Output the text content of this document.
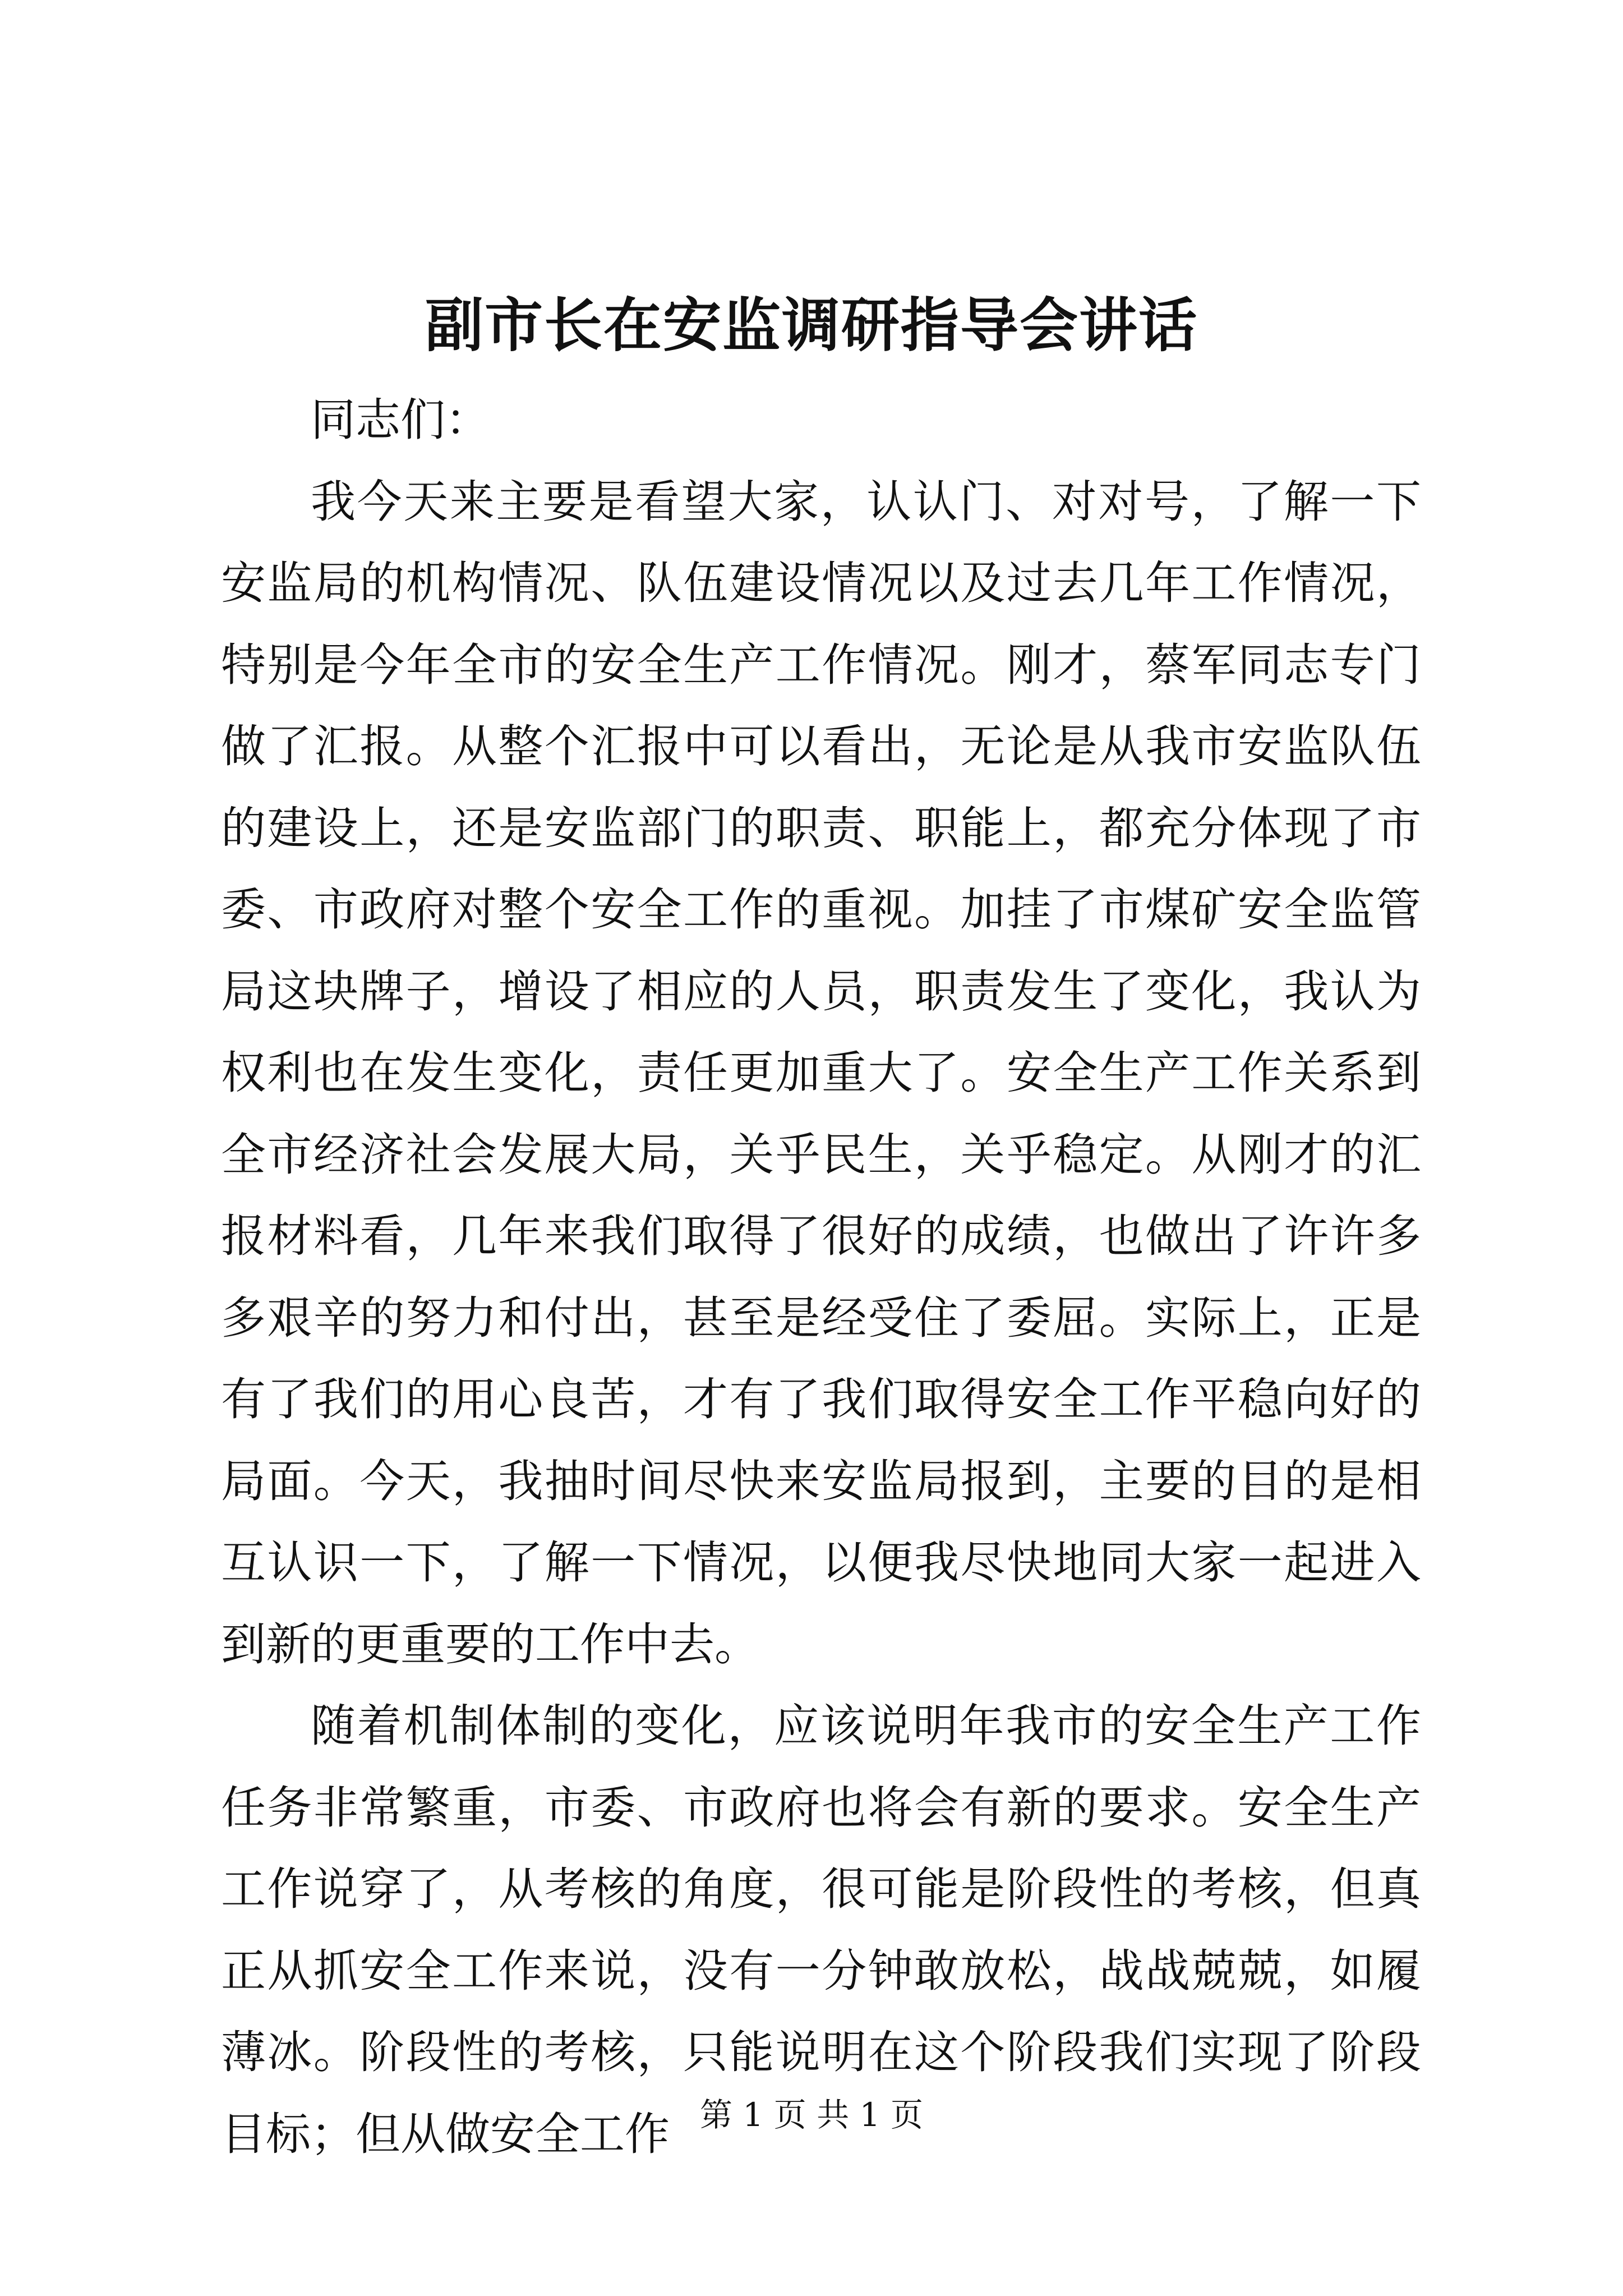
副市长在安监调研指导会讲话

同志们：

我今天来主要是看望大家，认认门、对对号，了解一下安监局的机构情况、队伍建设情况以及过去几年工作情况，特别是今年全市的安全生产工作情况。刚才，蔡军同志专门做了汇报。从整个汇报中可以看出，无论是从我市安监队伍的建设上，还是安监部门的职责、职能上，都充分体现了市委、市政府对整个安全工作的重视。加挂了市煤矿安全监管局这块牌子，增设了相应的人员，职责发生了变化，我认为权利也在发生变化，责任更加重大了。安全生产工作关系到全市经济社会发展大局，关乎民生，关乎稳定。从刚才的汇报材料看，几年来我们取得了很好的成绩，也做出了许许多多艰辛的努力和付出，甚至是经受住了委屈。实际上，正是有了我们的用心良苦，才有了我们取得安全工作平稳向好的局面。今天，我抽时间尽快来安监局报到，主要的目的是相互认识一下，了解一下情况，以便我尽快地同大家一起进入到新的更重要的工作中去。

随着机制体制的变化，应该说明年我市的安全生产工作任务非常繁重，市委、市政府也将会有新的要求。安全生产工作说穿了，从考核的角度，很可能是阶段性的考核，但真正从抓安全工作来说，没有一分钟敢放松，战战兢兢，如履薄冰。阶段性的考核，只能说明在这个阶段我们实现了阶段目标；但从做安全工作 第 1 页 共 1 页
